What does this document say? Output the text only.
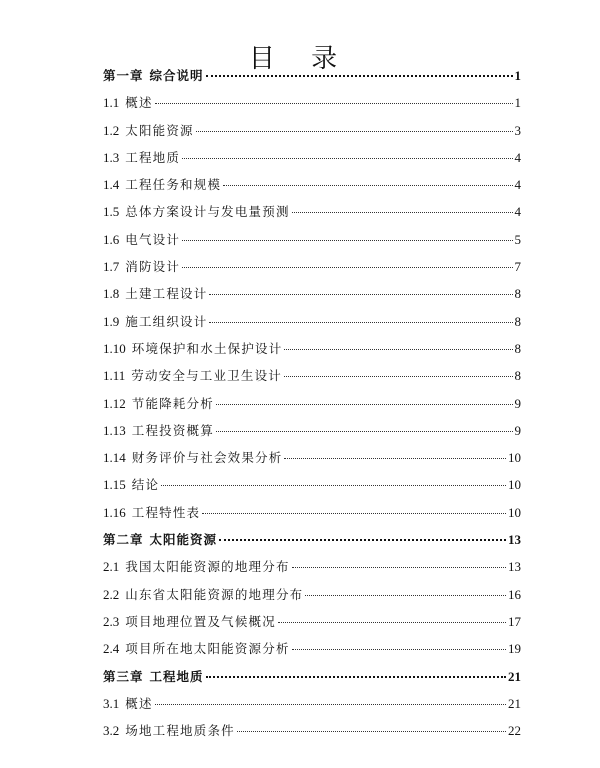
目 录
第一章 综合说明	1
1.1 概述	1
1.2 太阳能资源	3
1.3 工程地质	4
1.4 工程任务和规模	4
1.5 总体方案设计与发电量预测	4
1.6 电气设计	5
1.7 消防设计	7
1.8 土建工程设计	8
1.9 施工组织设计	8
1.10 环境保护和水土保护设计	8
1.11 劳动安全与工业卫生设计	8
1.12 节能降耗分析	9
1.13 工程投资概算	9
1.14 财务评价与社会效果分析	10
1.15 结论	10
1.16 工程特性表	10
第二章 太阳能资源	13
2.1 我国太阳能资源的地理分布	13
2.2 山东省太阳能资源的地理分布	16
2.3 项目地理位置及气候概况	17
2.4 项目所在地太阳能资源分析	19
第三章 工程地质	21
3.1 概述	21
3.2 场地工程地质条件	22
